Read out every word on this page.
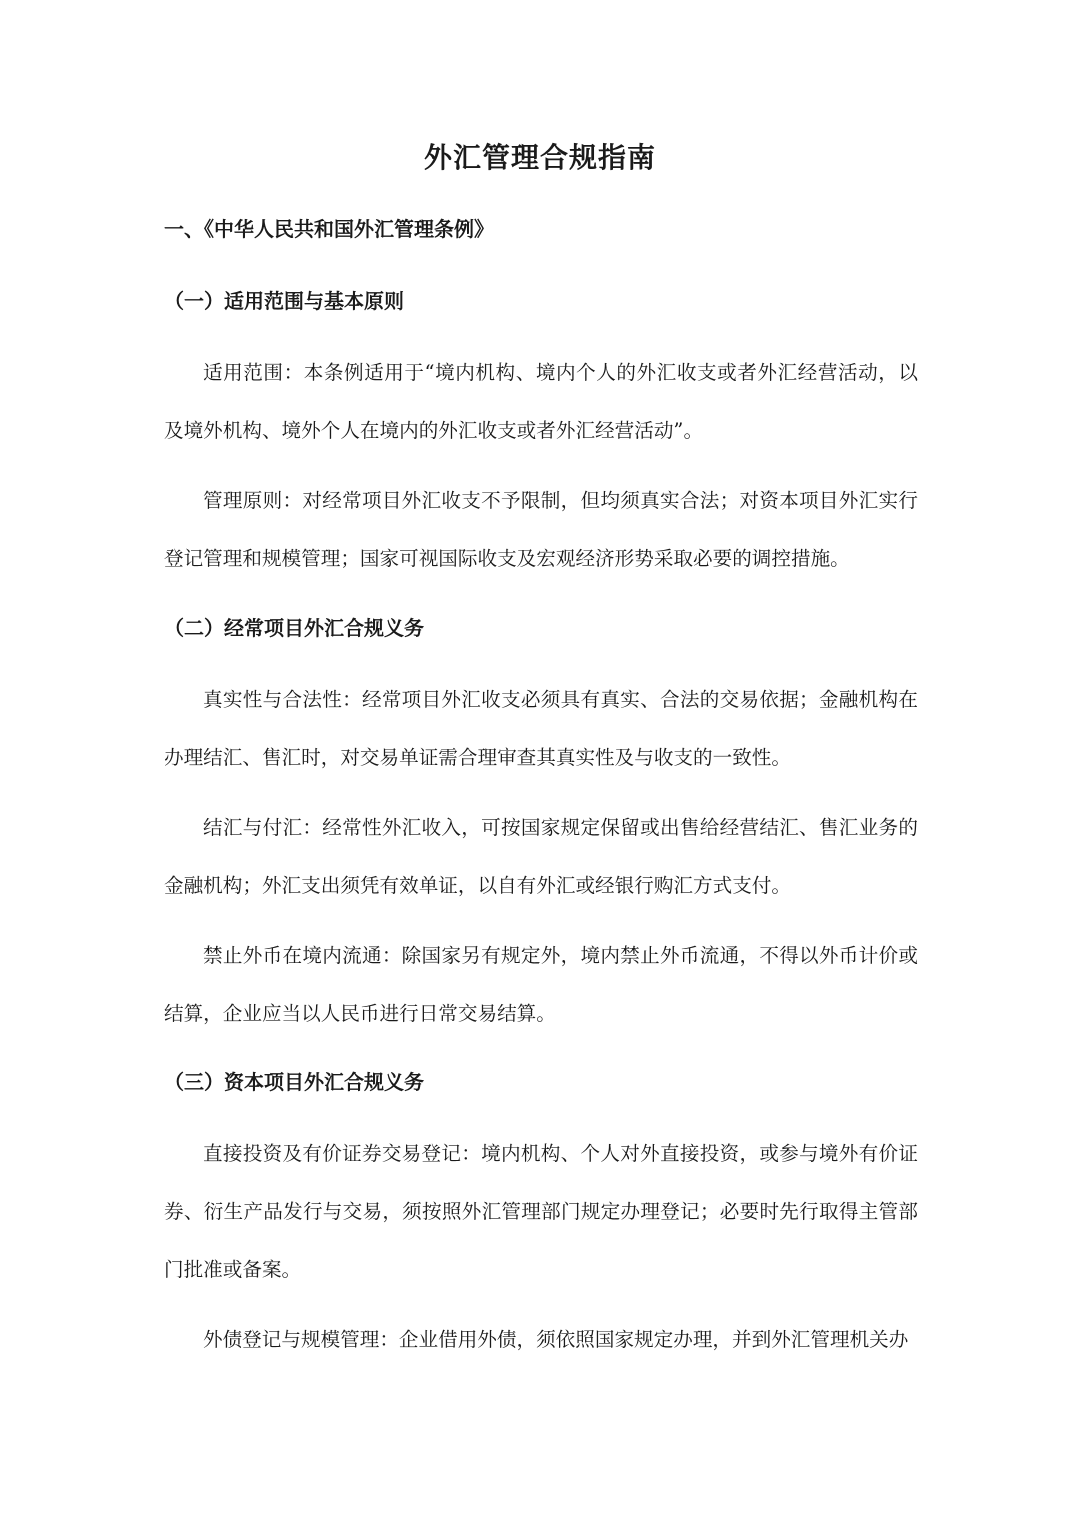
外汇管理合规指南
一、《中华人民共和国外汇管理条例》
（一）适用范围与基本原则

适用范围：本条例适用于“境内机构、境内个人的外汇收支或者外汇经营活动，以及境外机构、境外个人在境内的外汇收支或者外汇经营活动”。

管理原则：对经常项目外汇收支不予限制，但均须真实合法；对资本项目外汇实行登记管理和规模管理；国家可视国际收支及宏观经济形势采取必要的调控措施。

（二）经常项目外汇合规义务

真实性与合法性：经常项目外汇收支必须具有真实、合法的交易依据；金融机构在办理结汇、售汇时，对交易单证需合理审查其真实性及与收支的一致性。

结汇与付汇：经常性外汇收入，可按国家规定保留或出售给经营结汇、售汇业务的金融机构；外汇支出须凭有效单证，以自有外汇或经银行购汇方式支付。

禁止外币在境内流通：除国家另有规定外，境内禁止外币流通，不得以外币计价或结算，企业应当以人民币进行日常交易结算。

（三）资本项目外汇合规义务

直接投资及有价证券交易登记：境内机构、个人对外直接投资，或参与境外有价证券、衍生产品发行与交易，须按照外汇管理部门规定办理登记；必要时先行取得主管部门批准或备案。

外债登记与规模管理：企业借用外债，须依照国家规定办理，并到外汇管理机关办
